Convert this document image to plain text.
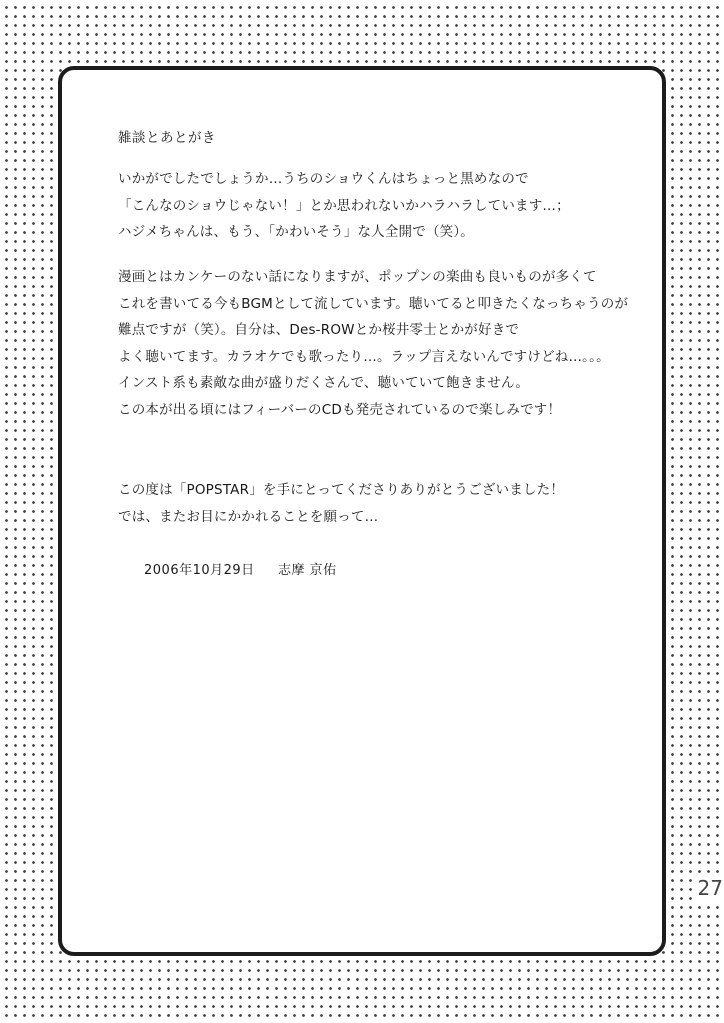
雑談とあとがき

いかがでしたでしょうか…うちのショウくんはちょっと黒めなので
「こんなのショウじゃない！」とか思われないかハラハラしています…；
ハジメちゃんは、もう、「かわいそう」な人全開で（笑）。

漫画とはカンケーのない話になりますが、ポップンの楽曲も良いものが多くて
これを書いてる今もBGMとして流しています。聴いてると叩きたくなっちゃうのが
難点ですが（笑）。自分は、Des-ROWとか桜井零士とかが好きで
よく聴いてます。カラオケでも歌ったり…。ラップ言えないんですけどね…。。。
インスト系も素敵な曲が盛りだくさんで、聴いていて飽きません。
この本が出る頃にはフィーバーのCDも発売されているので楽しみです！

この度は「POPSTAR」を手にとってくださりありがとうございました！
では、またお目にかかれることを願って…

2006年10月29日 志摩 京佑
27
